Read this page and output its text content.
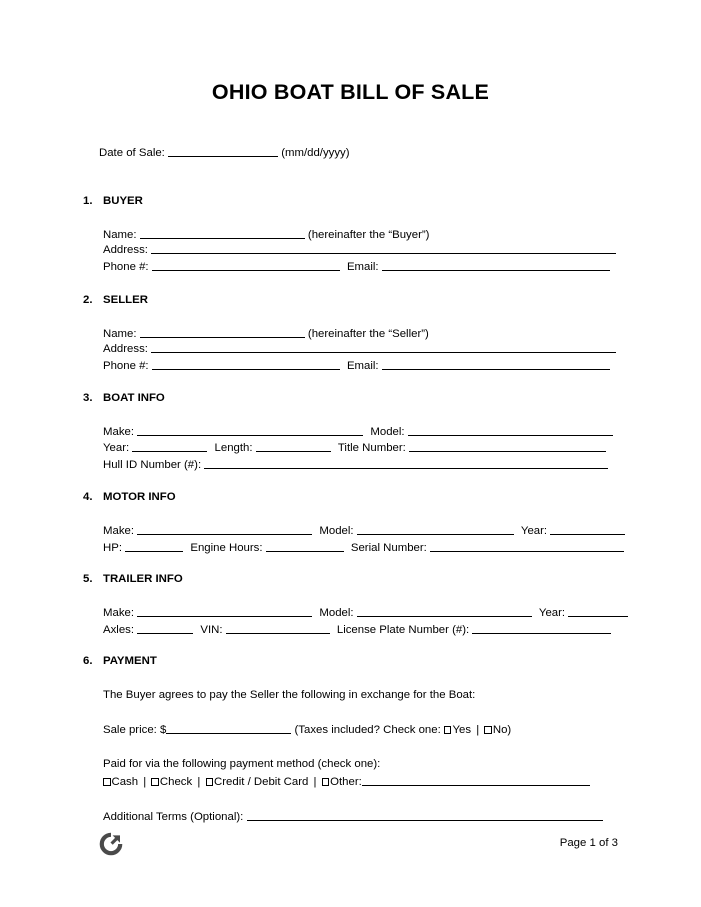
OHIO BOAT BILL OF SALE
Date of Sale:	(mm/dd/yyyy)
1. BUYER
Name:	(hereinafter the “Buyer”)
Address:
Phone #:	Email:
2. SELLER
Name:	(hereinafter the “Seller”)
Address:
Phone #:	Email:
3. BOAT INFO
Make:	Model:
Year:	Length:	Title Number:
Hull ID Number (#):
4. MOTOR INFO
Make:	Model:	Year:
HP:	Engine Hours:	Serial Number:
5. TRAILER INFO
Make:	Model:	Year:
Axles:	VIN:	License Plate Number (#):
6. PAYMENT
The Buyer agrees to pay the Seller the following in exchange for the Boat:
Sale price: $	(Taxes included? Check one: Yes | No)
Paid for via the following payment method (check one):
Cash | Check | Credit / Debit Card | Other:
Additional Terms (Optional):
Page 1 of 3
